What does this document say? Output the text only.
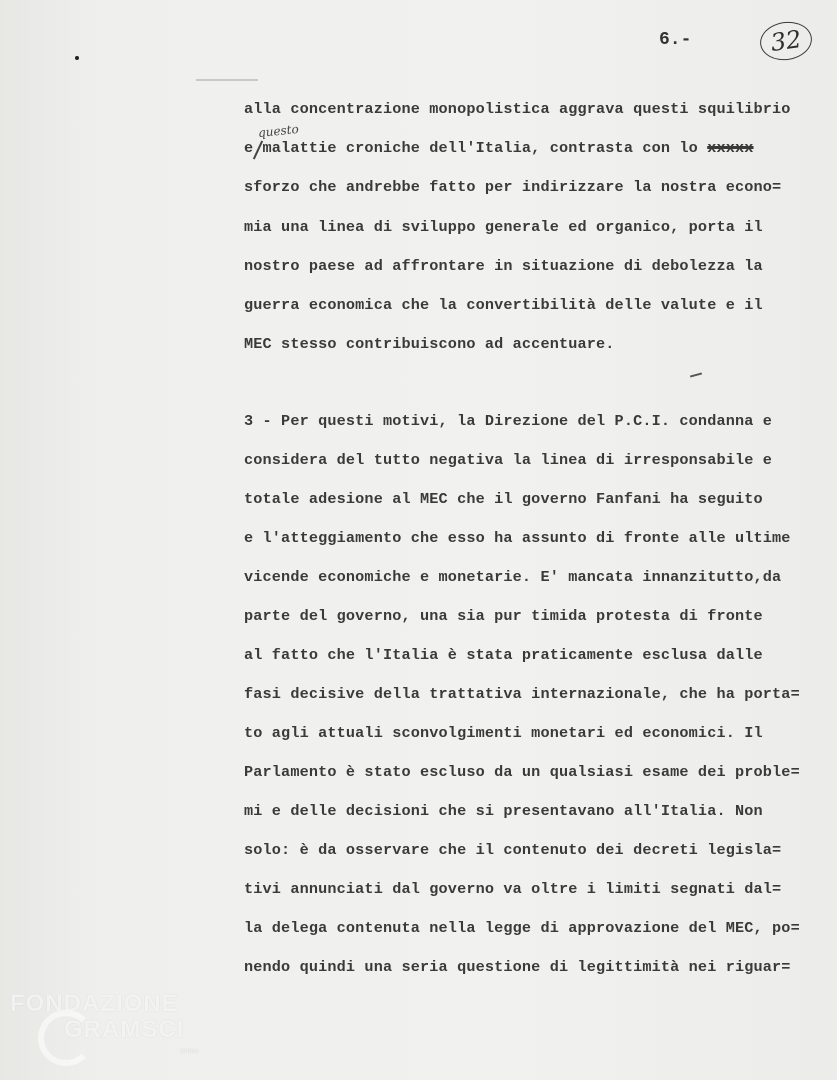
6.-	32
questo
alla concentrazione monopolistica aggrava questi squilibrio
e malattie croniche dell'Italia, contrasta con lo xxxxx
sforzo che andrebbe fatto per indirizzare la nostra econo=
mia una linea di sviluppo generale ed organico, porta il
nostro paese ad affrontare in situazione di debolezza la
guerra economica che la convertibilità delle valute e il
MEC stesso contribuiscono ad accentuare.
3 - Per questi motivi, la Direzione del P.C.I. condanna e
considera del tutto negativa la linea di irresponsabile e
totale adesione al MEC che il governo Fanfani ha seguito
e l'atteggiamento che esso ha assunto di fronte alle ultime
vicende economiche e monetarie. E' mancata innanzitutto,da
parte del governo, una sia pur timida protesta di fronte
al fatto che l'Italia è stata praticamente esclusa dalle
fasi decisive della trattativa internazionale, che ha porta=
to agli attuali sconvolgimenti monetari ed economici. Il
Parlamento è stato escluso da un qualsiasi esame dei proble=
mi e delle decisioni che si presentavano all'Italia. Non
solo: è da osservare che il contenuto dei decreti legisla=
tivi annunciati dal governo va oltre i limiti segnati dal=
la delega contenuta nella legge di approvazione del MEC, po=
nendo quindi una seria questione di legittimità nei riguar=
FONDAZIONE
GRAMSCI
onlus
